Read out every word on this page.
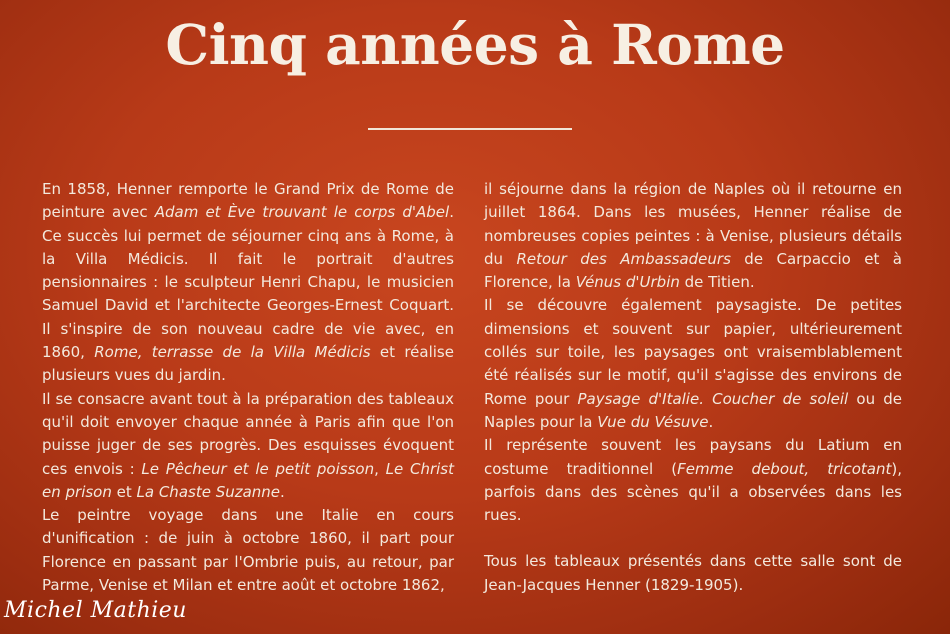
Cinq années à Rome

En 1858, Henner remporte le Grand Prix de Rome de peinture avec Adam et Ève trouvant le corps d'Abel. Ce succès lui permet de séjourner cinq ans à Rome, à la Villa Médicis. Il fait le portrait d'autres pensionnaires : le sculpteur Henri Chapu, le musicien Samuel David et l'architecte Georges-Ernest Coquart. Il s'inspire de son nouveau cadre de vie avec, en 1860, Rome, terrasse de la Villa Médicis et réalise plusieurs vues du jardin.

Il se consacre avant tout à la préparation des tableaux qu'il doit envoyer chaque année à Paris afin que l'on puisse juger de ses progrès. Des esquisses évoquent ces envois : Le Pêcheur et le petit poisson, Le Christ en prison et La Chaste Suzanne.

Le peintre voyage dans une Italie en cours d'unification : de juin à octobre 1860, il part pour Florence en passant par l'Ombrie puis, au retour, par Parme, Venise et Milan et entre août et octobre 1862,

il séjourne dans la région de Naples où il retourne en juillet 1864. Dans les musées, Henner réalise de nombreuses copies peintes : à Venise, plusieurs détails du Retour des Ambassadeurs de Carpaccio et à Florence, la Vénus d'Urbin de Titien.

Il se découvre également paysagiste. De petites dimensions et souvent sur papier, ultérieurement collés sur toile, les paysages ont vraisemblablement été réalisés sur le motif, qu'il s'agisse des environs de Rome pour Paysage d'Italie. Coucher de soleil ou de Naples pour la Vue du Vésuve.

Il représente souvent les paysans du Latium en costume traditionnel (Femme debout, tricotant), parfois dans des scènes qu'il a observées dans les rues.

Tous les tableaux présentés dans cette salle sont de Jean-Jacques Henner (1829-1905).

Michel Mathieu
